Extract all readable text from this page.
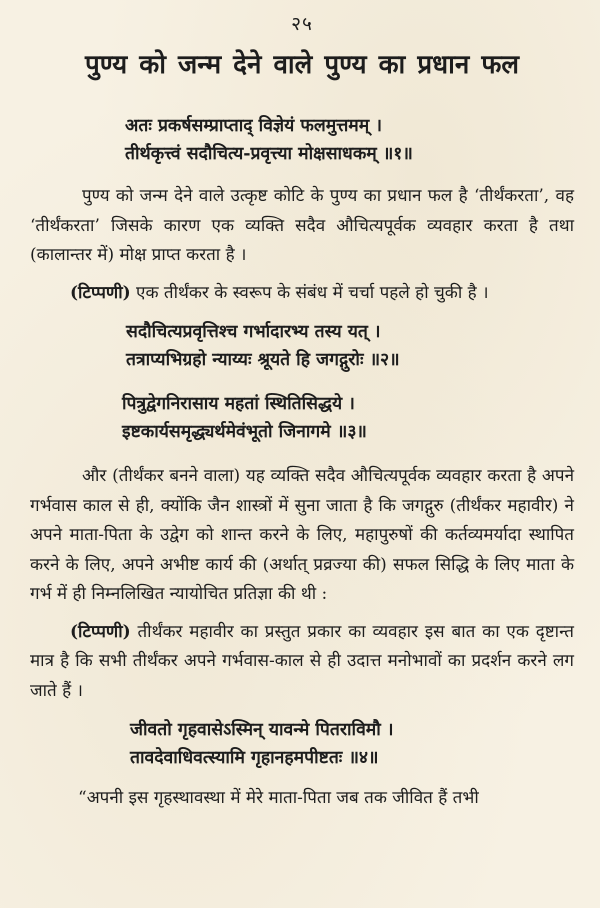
२५
पुण्य को जन्म देने वाले पुण्य का प्रधान फल
अतः प्रकर्षसम्प्राप्ताद् विज्ञेयं फलमुत्तमम् ।
तीर्थकृत्त्वं सदौचित्य-प्रवृत्त्या मोक्षसाधकम् ॥१॥

पुण्य को जन्म देने वाले उत्कृष्ट कोटि के पुण्य का प्रधान फल है ‘तीर्थंकरता’, वह ‘तीर्थंकरता’ जिसके कारण एक व्यक्ति सदैव औचित्यपूर्वक व्यवहार करता है तथा (कालान्तर में) मोक्ष प्राप्त करता है ।

(टिप्पणी) एक तीर्थंकर के स्वरूप के संबंध में चर्चा पहले हो चुकी है ।

सदौचित्यप्रवृत्तिश्च गर्भादारभ्य तस्य यत् ।
तत्राप्यभिग्रहो न्याय्यः श्रूयते हि जगद्गुरोः ॥२॥
पित्रुद्वेगनिरासाय महतां स्थितिसिद्धये ।
इष्टकार्यसमृद्ध्यर्थमेवंभूतो जिनागमे ॥३॥

और (तीर्थंकर बनने वाला) यह व्यक्ति सदैव औचित्यपूर्वक व्यवहार करता है अपने गर्भवास काल से ही, क्योंकि जैन शास्त्रों में सुना जाता है कि जगद्गुरु (तीर्थंकर महावीर) ने अपने माता-पिता के उद्वेग को शान्त करने के लिए, महापुरुषों की कर्तव्यमर्यादा स्थापित करने के लिए, अपने अभीष्ट कार्य की (अर्थात् प्रव्रज्या की) सफल सिद्धि के लिए माता के गर्भ में ही निम्नलिखित न्यायोचित प्रतिज्ञा की थी :

(टिप्पणी) तीर्थंकर महावीर का प्रस्तुत प्रकार का व्यवहार इस बात का एक दृष्टान्त मात्र है कि सभी तीर्थंकर अपने गर्भवास-काल से ही उदात्त मनोभावों का प्रदर्शन करने लग जाते हैं ।

जीवतो गृहवासेऽस्मिन् यावन्मे पितराविमौ ।
तावदेवाधिवत्स्यामि गृहानहमपीष्टतः ॥४॥

“अपनी इस गृहस्थावस्था में मेरे माता-पिता जब तक जीवित हैं तभी
